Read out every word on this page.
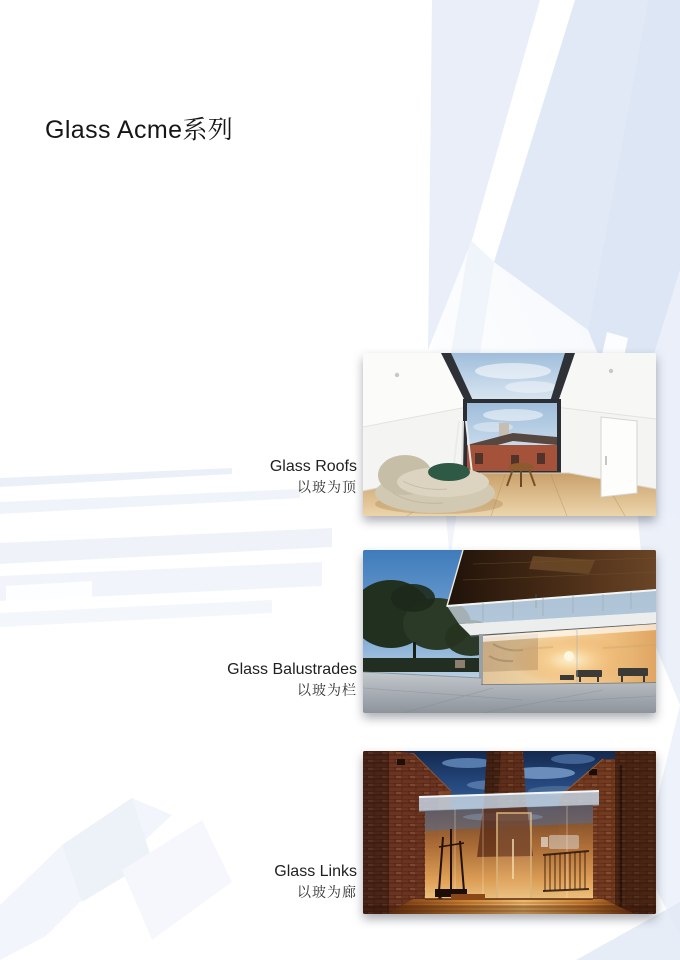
Glass Acme系列
Glass Roofs
以玻为顶
Glass Balustrades
以玻为栏
Glass Links
以玻为廊
